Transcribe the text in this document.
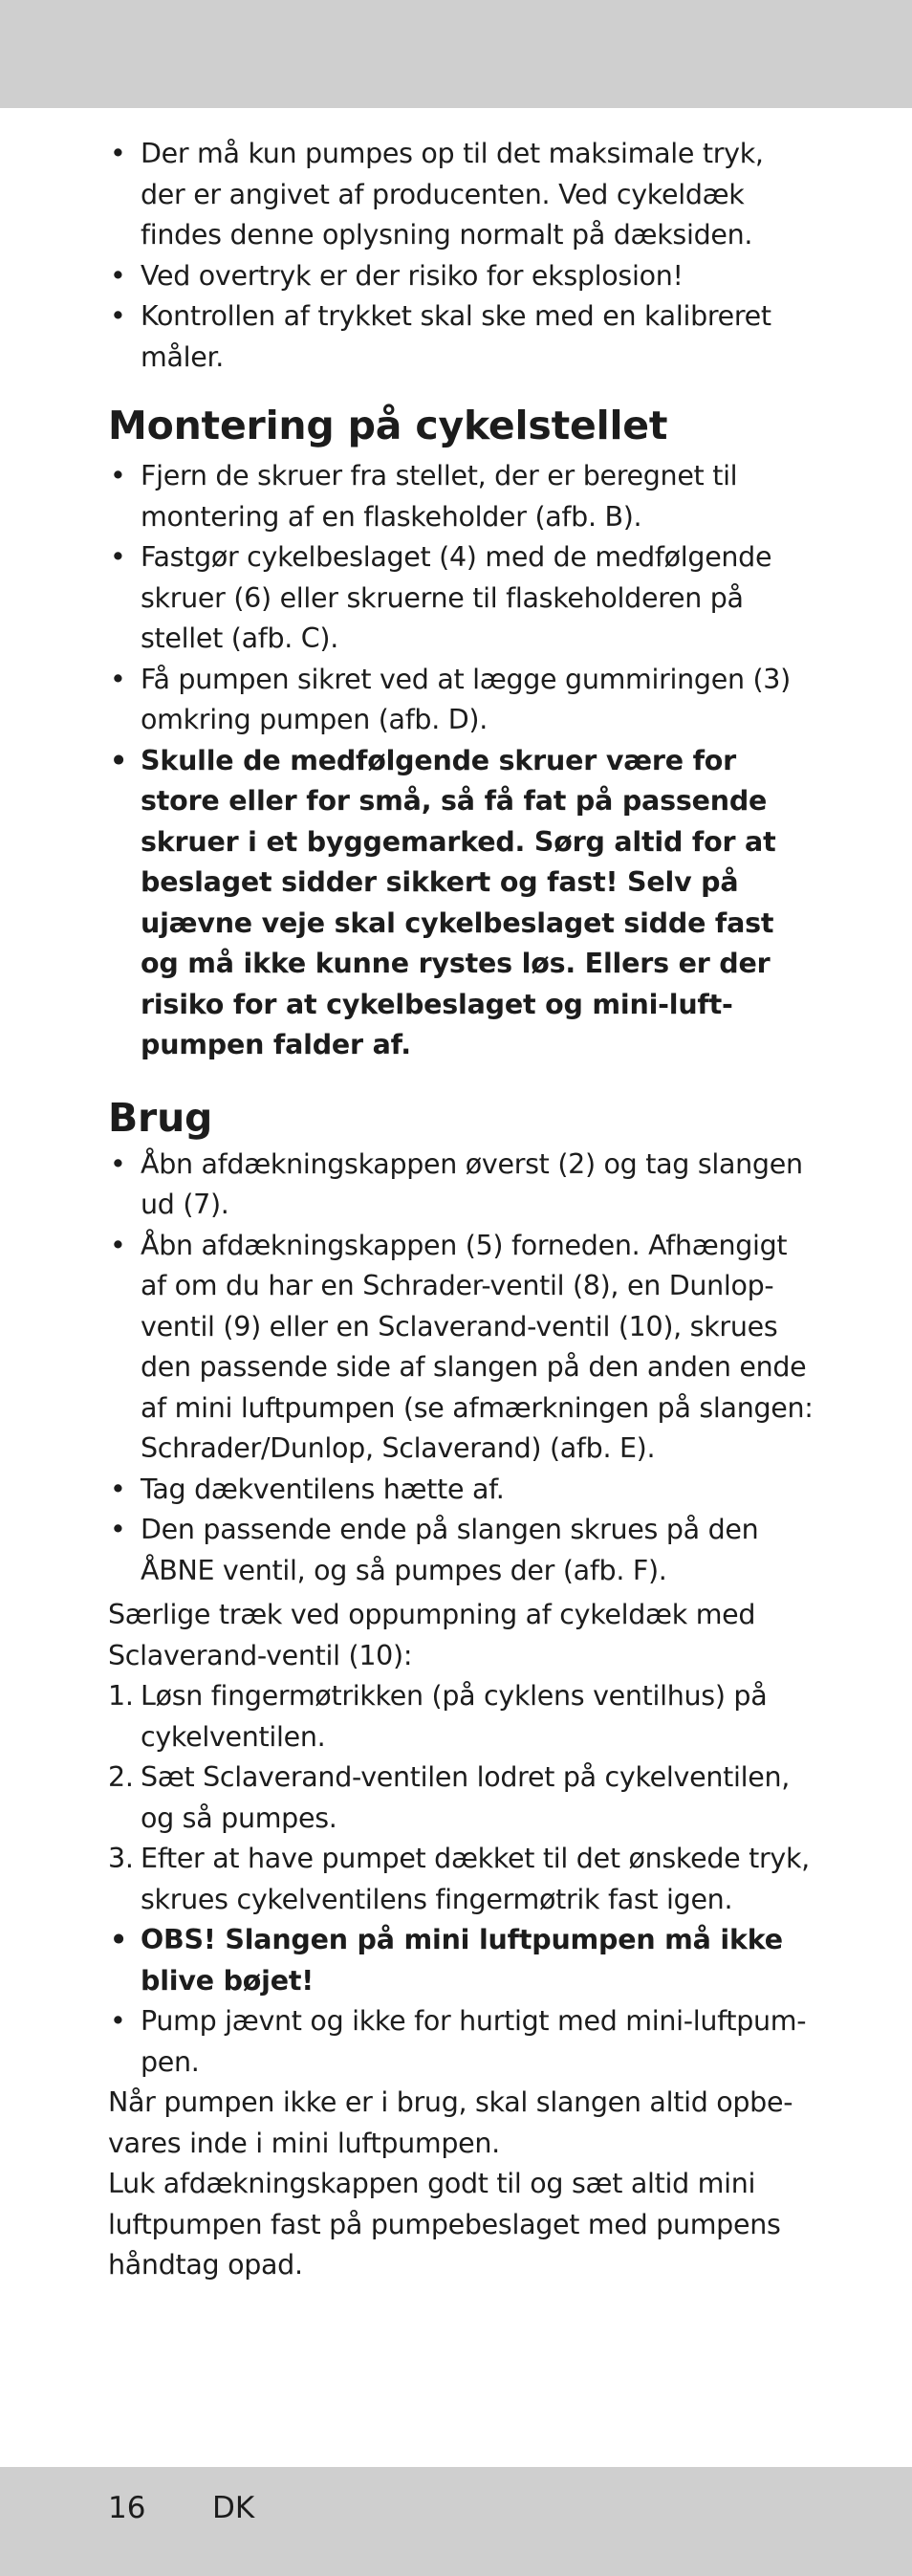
• Der må kun pumpes op til det maksimale tryk, der er angivet af producenten. Ved cykeldæk findes denne oplysning normalt på dæksiden.
• Ved overtryk er der risiko for eksplosion!
• Kontrollen af trykket skal ske med en kalibreret måler.
Montering på cykelstellet
• Fjern de skruer fra stellet, der er beregnet til montering af en flaskeholder (afb. B).
• Fastgør cykelbeslaget (4) med de medfølgende skruer (6) eller skruerne til flaskeholderen på stellet (afb. C).
• Få pumpen sikret ved at lægge gummiringen (3) omkring pumpen (afb. D).
• Skulle de medfølgende skruer være for store eller for små, så få fat på passende skruer i et byggemarked. Sørg altid for at beslaget sidder sikkert og fast! Selv på ujævne veje skal cykelbeslaget sidde fast og må ikke kunne rystes løs. Ellers er der risiko for at cykelbeslaget og mini-luft-pumpen falder af.
Brug
• Åbn afdækningskappen øverst (2) og tag slangen ud (7).
• Åbn afdækningskappen (5) forneden. Afhængigt af om du har en Schrader-ventil (8), en Dunlop-ventil (9) eller en Sclaverand-ventil (10), skrues den passende side af slangen på den anden ende af mini luftpumpen (se afmærkningen på slangen: Schrader/Dunlop, Sclaverand) (afb. E).
• Tag dækventilens hætte af.
• Den passende ende på slangen skrues på den ÅBNE ventil, og så pumpes der (afb. F).

Særlige træk ved oppumpning af cykeldæk med Sclaverand-ventil (10):

1. Løsn fingermøtrikken (på cyklens ventilhus) på cykelventilen.
2. Sæt Sclaverand-ventilen lodret på cykelventilen, og så pumpes.
3. Efter at have pumpet dækket til det ønskede tryk, skrues cykelventilens fingermøtrik fast igen.
• OBS! Slangen på mini luftpumpen må ikke blive bøjet!
• Pump jævnt og ikke for hurtigt med mini-luftpum-pen.

Når pumpen ikke er i brug, skal slangen altid opbe-vares inde i mini luftpumpen.

Luk afdækningskappen godt til og sæt altid mini luftpumpen fast på pumpebeslaget med pumpens håndtag opad.

16 DK
